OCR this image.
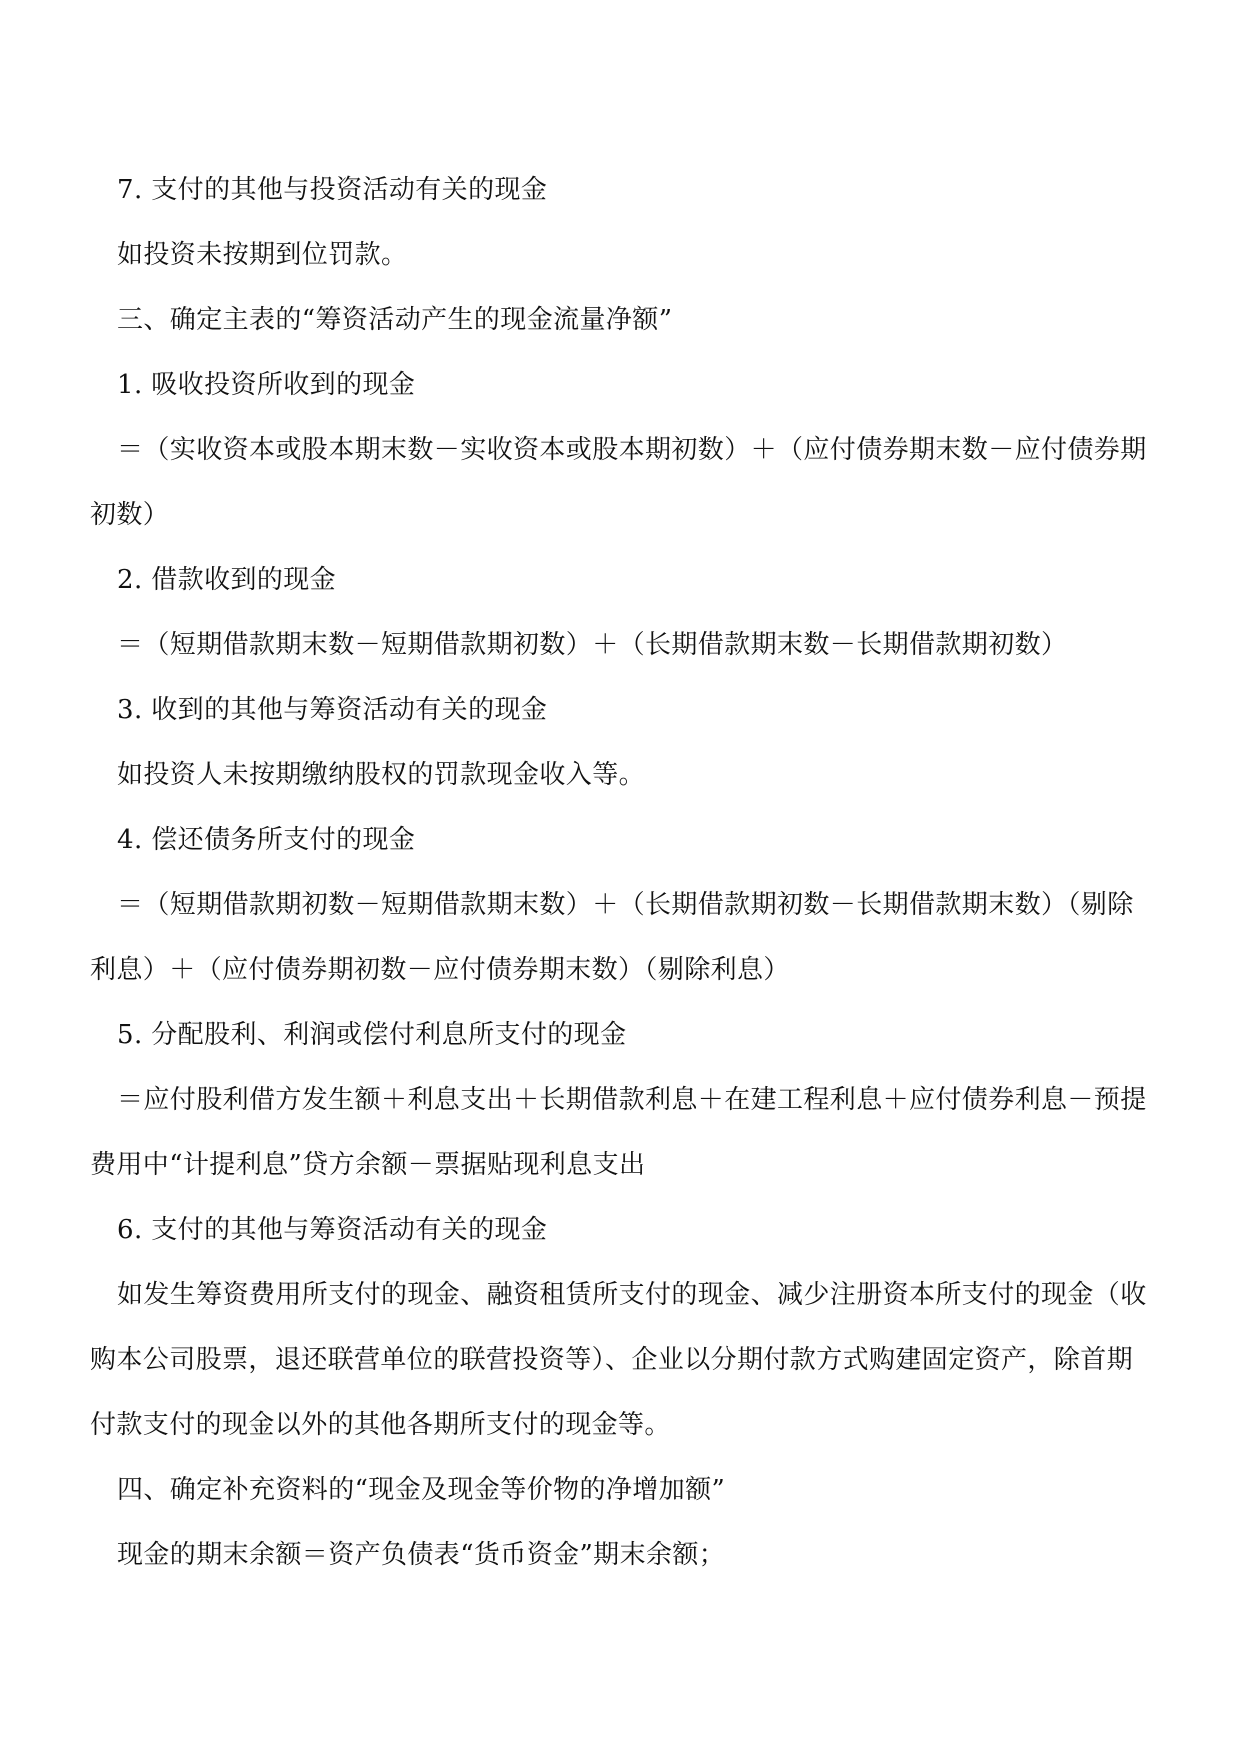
7. 支付的其他与投资活动有关的现金

如投资未按期到位罚款。

三、确定主表的“筹资活动产生的现金流量净额”

1. 吸收投资所收到的现金

＝（实收资本或股本期末数－实收资本或股本期初数）＋（应付债券期末数－应付债券期初数）

2. 借款收到的现金

＝（短期借款期末数－短期借款期初数）＋（长期借款期末数－长期借款期初数）

3. 收到的其他与筹资活动有关的现金

如投资人未按期缴纳股权的罚款现金收入等。

4. 偿还债务所支付的现金

＝（短期借款期初数－短期借款期末数）＋（长期借款期初数－长期借款期末数）（剔除利息）＋（应付债券期初数－应付债券期末数）（剔除利息）

5. 分配股利、利润或偿付利息所支付的现金

＝应付股利借方发生额＋利息支出＋长期借款利息＋在建工程利息＋应付债券利息－预提费用中“计提利息”贷方余额－票据贴现利息支出

6. 支付的其他与筹资活动有关的现金

如发生筹资费用所支付的现金、融资租赁所支付的现金、减少注册资本所支付的现金（收购本公司股票，退还联营单位的联营投资等）、企业以分期付款方式购建固定资产，除首期付款支付的现金以外的其他各期所支付的现金等。

四、确定补充资料的“现金及现金等价物的净增加额”

现金的期末余额＝资产负债表“货币资金”期末余额；
